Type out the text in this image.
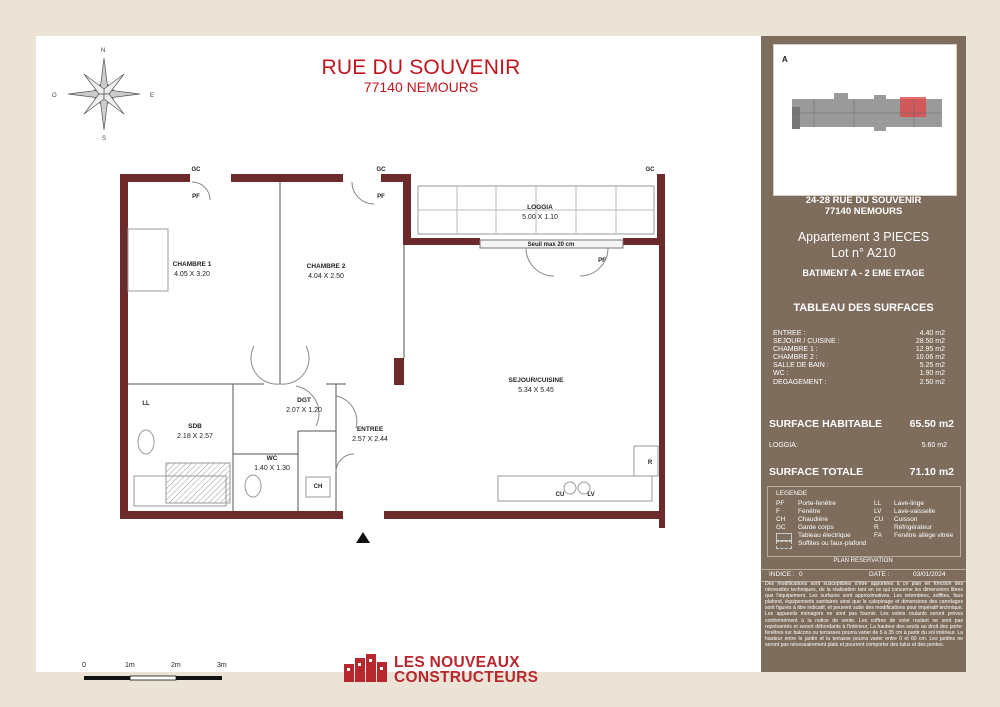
RUE DU SOUVENIR
77140 NEMOURS
N
S
E
O
CHAMBRE 1
4.05 X 3.20
CHAMBRE 2
4.04 X 2.50
LOGGIA
5.00 X 1.10
SEJOUR/CUISINE
5.34 X 5.45
DGT
2.07 X 1.20
ENTREE
2.57 X 2.44
SDB
2.18 X 2.57
WC
1.40 X 1.30
GC	GC	GC
PF	PF
PF
LL
CH
CU	LV
R
Seuil max 20 cm
0	1m	2m	3m	LES NOUVEAUX
CONSTRUCTEURS
A
24-28 RUE DU SOUVENIR
77140 NEMOURS
Appartement 3 PIECES
Lot n° A210
BATIMENT A - 2 EME ETAGE
TABLEAU DES SURFACES
ENTREE :	4.40 m2
SEJOUR / CUISINE :	28.50 m2
CHAMBRE 1 :	12.95 m2
CHAMBRE 2 :	10.06 m2
SALLE DE BAIN :	5.25 m2
WC :	1.90 m2
DEGAGEMENT :	2.50 m2
SURFACE HABITABLE	65.50 m2
LOGGIA:	5.60 m2
SURFACE TOTALE	71.10 m2
LEGENDE
PF Porte-fenêtre	LL Lave-linge
F	Fenêtre	LV Lave-vaisselle
CH Chaudière	CU Cuisson
GC Garde corps	R Réfrigérateur
Tableau électrique	FA Fenêtre allège vitrée
Soffites ou faux-plafond
PLAN RESERVATION
INDICE : 0	DATE :	03/01/2024
Des modifications sont susceptibles d'être apportées à ce plan en fonction des nécessités techniques, de la réalisation tant en ce qui concerne les dimensions libres que l'équipement. Les surfaces sont approximatives. Les retombées, soffites, faux plafond, équipements sanitaires ainsi que le calepinage et dimensions des carrelages sont figurés à titre indicatif, et peuvent subir des modifications pour impératif technique. Les appareils ménagers ne sont pas fournis. Les volets roulants seront prévus conformément à la notice de vente. Les coffres de volet roulant ne sont pas représentés et seront débordants à l'intérieur. La hauteur des seuils au droit des porte-fenêtres sur balcons ou terrasses pourra varier de 5 à 35 cm à partir du sol intérieur. La hauteur entre le jardin et la terrasse pourra varier entre 0 et 60 cm. Les jardins ne seront pas nécessairement plats et pourront comporter des talus et des pentes.
